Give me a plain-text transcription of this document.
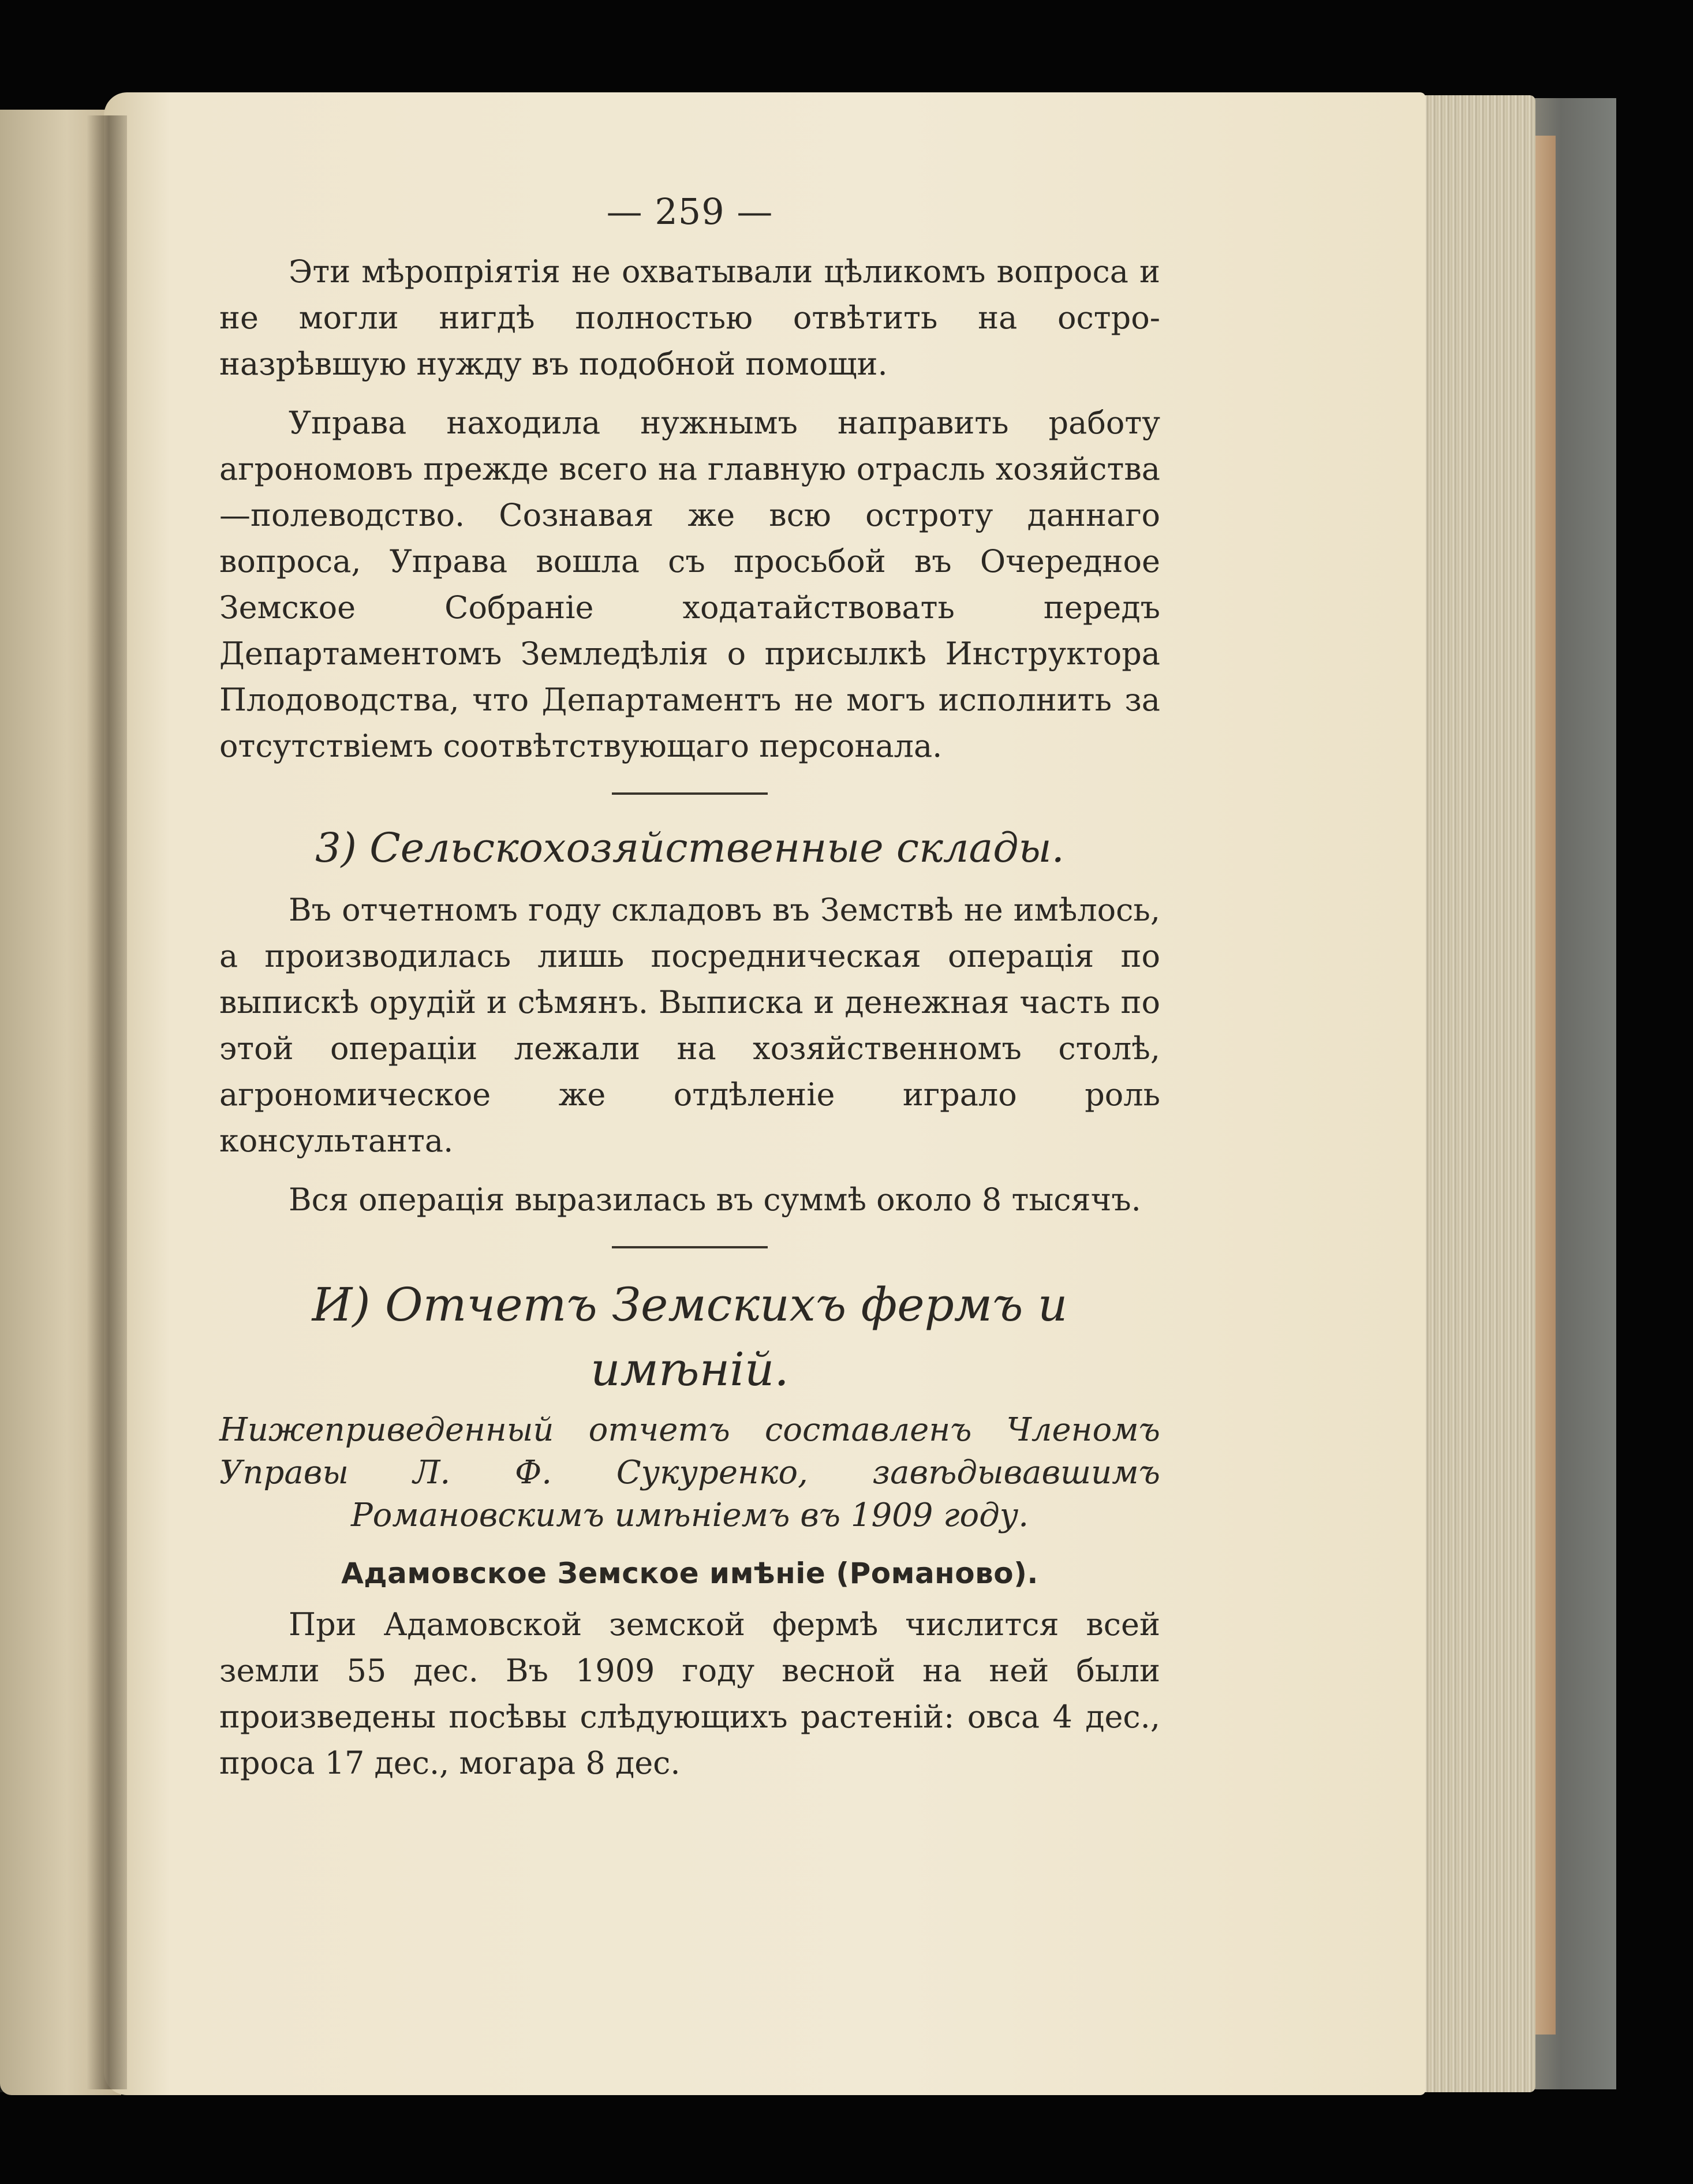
— 259 —

Эти мѣропріятія не охватывали цѣликомъ вопроса и не могли нигдѣ полностью отвѣтить на остро-назрѣвшую нужду въ подобной помощи.

Управа находила нужнымъ направить работу агрономовъ прежде всего на главную отрасль хозяйства—полеводство. Сознавая же всю остроту даннаго вопроса, Управа вошла съ просьбой въ Очередное Земское Собраніе ходатайствовать передъ Департаментомъ Земледѣлія о присылкѣ Инструктора Плодоводства, что Департаментъ не могъ исполнить за отсутствіемъ соотвѣтствующаго персонала.

3) Сельскохозяйственные склады.

Въ отчетномъ году складовъ въ Земствѣ не имѣлось, а производилась лишь посредническая операція по выпискѣ орудій и сѣмянъ. Выписка и денежная часть по этой операціи лежали на хозяйственномъ столѣ, агрономическое же отдѣленіе играло роль консультанта.

Вся операція выразилась въ суммѣ около 8 тысячъ.

И) Отчетъ Земскихъ фермъ и имѣній.

Нижеприведенный отчетъ составленъ Членомъ Управы Л. Ф. Сукуренко, завѣдывавшимъ Романовскимъ имѣніемъ въ 1909 году.

Адамовское Земское имѣніе (Романово).

При Адамовской земской фермѣ числится всей земли 55 дес. Въ 1909 году весной на ней были произведены посѣвы слѣдующихъ растеній: овса 4 дес., проса 17 дес., могара 8 дес.
